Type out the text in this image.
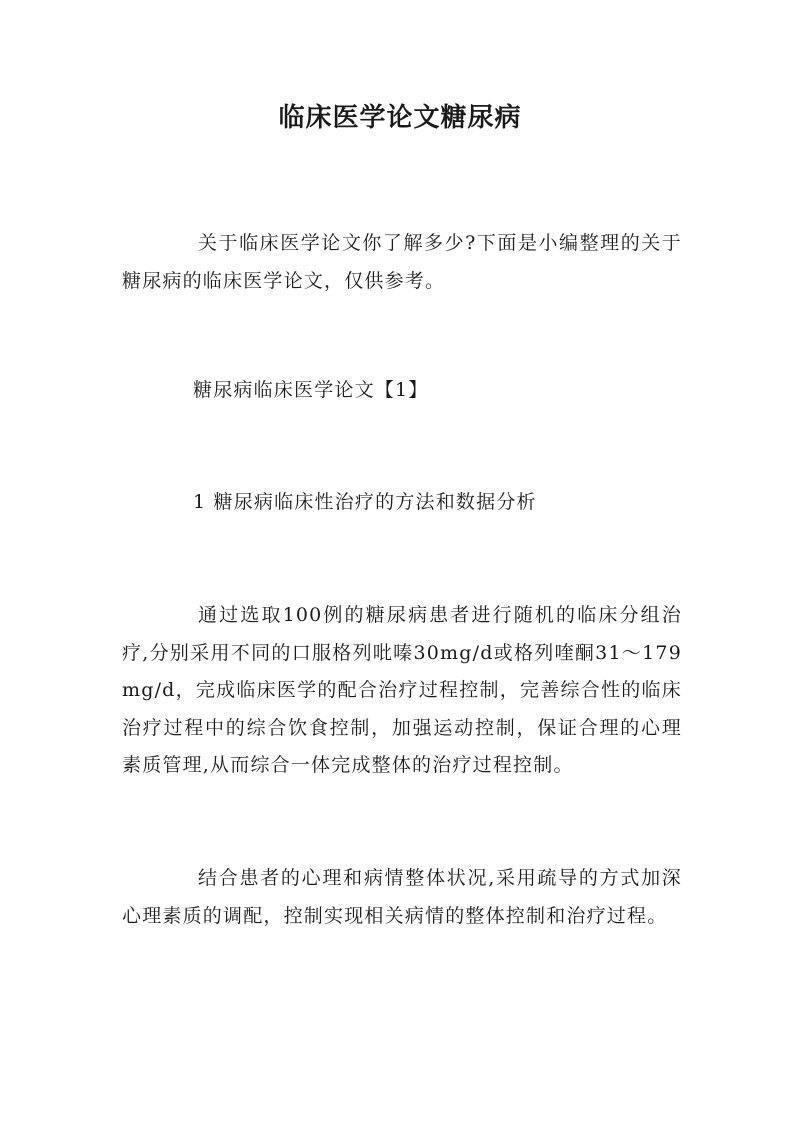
临床医学论文糖尿病

关于临床医学论文你了解多少?下面是小编整理的关于糖尿病的临床医学论文，仅供参考。

糖尿病临床医学论文【1】

1 糖尿病临床性治疗的方法和数据分析

通过选取100例的糖尿病患者进行随机的临床分组治疗,分别采用不同的口服格列吡嗪30mg/d或格列喹酮31～179mg/d，完成临床医学的配合治疗过程控制，完善综合性的临床治疗过程中的综合饮食控制，加强运动控制，保证合理的心理素质管理,从而综合一体完成整体的治疗过程控制。

结合患者的心理和病情整体状况,采用疏导的方式加深心理素质的调配，控制实现相关病情的整体控制和治疗过程。
